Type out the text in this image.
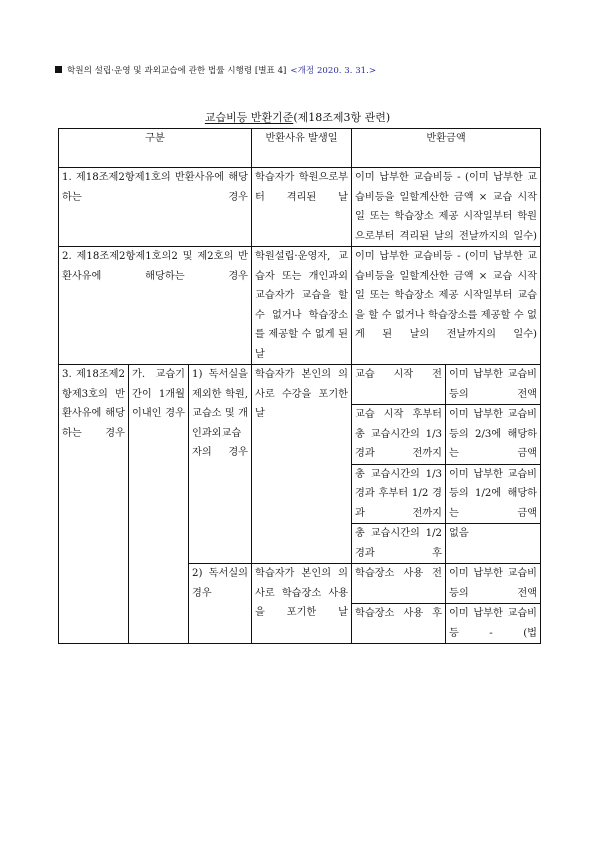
학원의 설립·운영 및 과외교습에 관한 법률 시행령 [별표 4] <개정 2020. 3. 31.>
교습비등 반환기준(제18조제3항 관련)
구분			반환사유 발생일	반환금액	
1. 제18조제2항제1호의 반환사유에 해당하는 경우			학습자가 학원으로부터 격리된 날	이미 납부한 교습비등 - (이미 납부한 교습비등을 일할계산한 금액 × 교습 시작일 또는 학습장소 제공 시작일부터 학원으로부터 격리된 날의 전날까지의 일수)	
2. 제18조제2항제1호의2 및 제2호의 반환사유에 해당하는 경우			학원설립·운영자, 교습자 또는 개인과외교습자가 교습을 할 수 없거나 학습장소를 제공할 수 없게 된 날	이미 납부한 교습비등 - (이미 납부한 교습비등을 일할계산한 금액 × 교습 시작일 또는 학습장소 제공 시작일부터 교습을 할 수 없거나 학습장소를 제공할 수 없게 된 날의 전날까지의 일수)	
3. 제18조제2항제3호의 반환사유에 해당하는 경우	가. 교습기간이 1개월 이내인 경우	1) 독서실을 제외한 학원, 교습소 및 개인과외교습자의 경우	학습자가 본인의 의사로 수강을 포기한 날	교습 시작 전	이미 납부한 교습비등의 전액
				교습 시작 후부터 총 교습시간의 1/3 경과 전까지	이미 납부한 교습비등의 2/3에 해당하는 금액
				총 교습시간의 1/3 경과 후부터 1/2 경과 전까지	이미 납부한 교습비등의 1/2에 해당하는 금액
				총 교습시간의 1/2 경과 후	없음
		2) 독서실의 경우	학습자가 본인의 의사로 학습장소 사용을 포기한 날	학습장소 사용 전	이미 납부한 교습비등의 전액
				학습장소 사용 후	이미 납부한 교습비등 - (법
